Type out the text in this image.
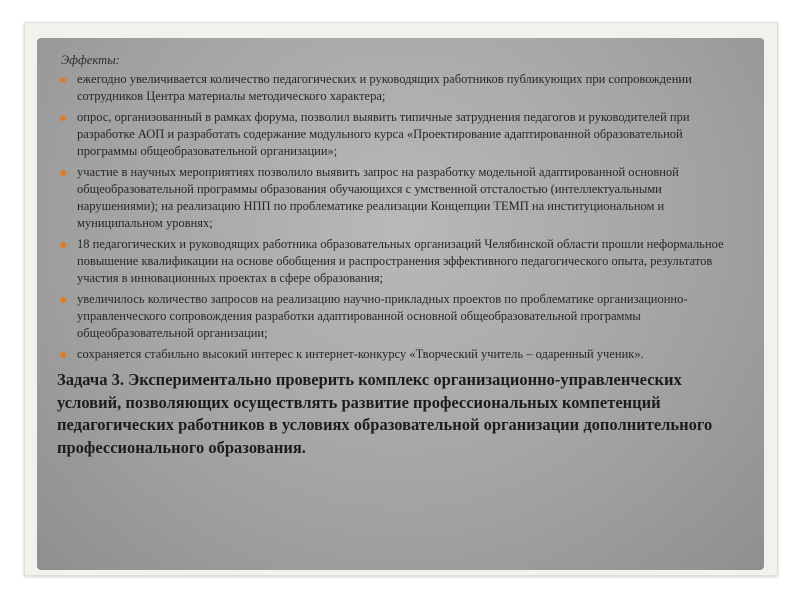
Эффекты:
ежегодно увеличивается количество педагогических и руководящих работников публикующих при сопровождении сотрудников Центра материалы методического характера;
опрос, организованный в рамках форума, позволил выявить типичные затруднения педагогов и руководителей при разработке АОП и разработать содержание модульного курса «Проектирование адаптированной образовательной программы общеобразовательной организации»;
участие в научных мероприятиях позволило выявить запрос на разработку модельной адаптированной основной общеобразовательной программы образования обучающихся с умственной отсталостью (интеллектуальными нарушениями); на реализацию НПП по проблематике реализации Концепции ТЕМП на институциональном и муниципальном уровнях;
18 педагогических и руководящих работника образовательных организаций Челябинской области прошли неформальное повышение квалификации на основе обобщения и распространения эффективного педагогического опыта, результатов участия в инновационных проектах в сфере образования;
увеличилось количество запросов на реализацию научно-прикладных проектов по проблематике организационно-управленческого сопровождения разработки адаптированной основной общеобразовательной программы общеобразовательной организации;
сохраняется стабильно высокий интерес к интернет-конкурсу «Творческий учитель – одаренный ученик».
Задача 3. Экспериментально проверить комплекс организационно-управленческих условий, позволяющих осуществлять развитие профессиональных компетенций педагогических работников в условиях образовательной организации дополнительного профессионального образования.
